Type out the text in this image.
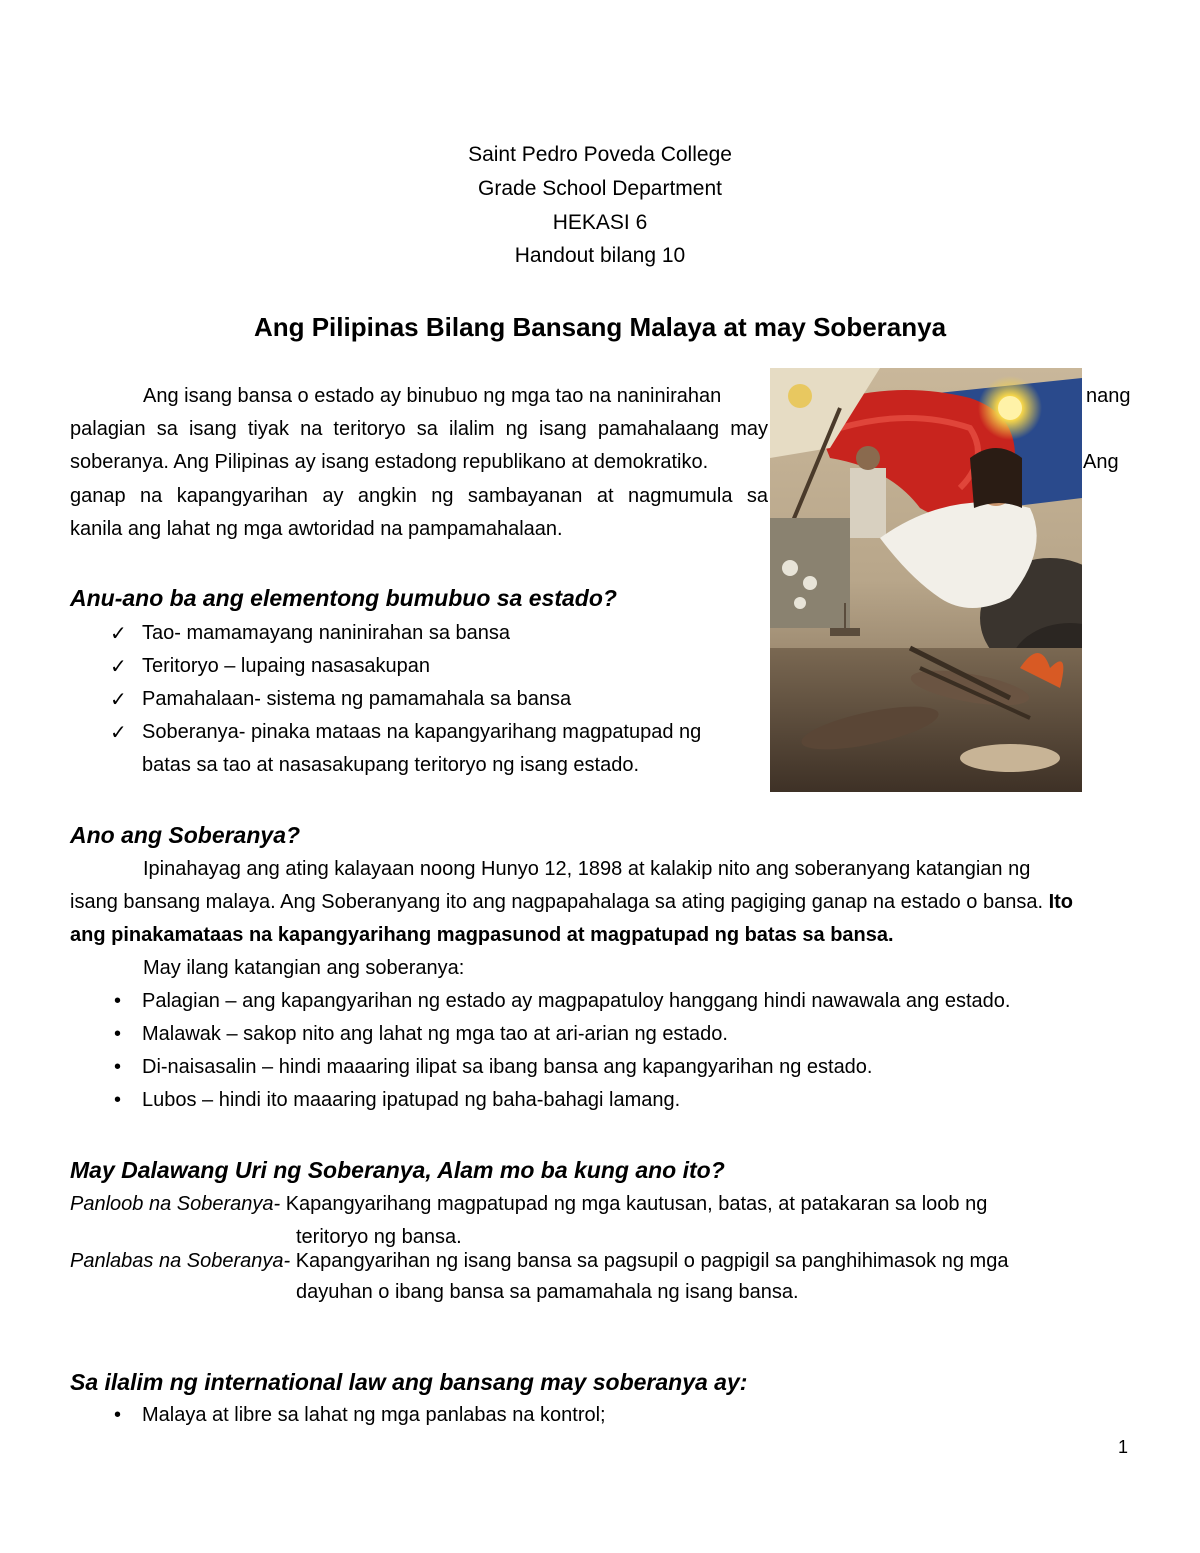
Saint Pedro Poveda College
Grade School Department
HEKASI 6
Handout bilang 10
Ang Pilipinas Bilang Bansang Malaya at may Soberanya
Ang isang bansa o estado ay binubuo ng mga tao na naninirahan	nang
palagian sa isang tiyak na teritoryo sa ilalim ng isang pamahalaang may
soberanya. Ang Pilipinas ay isang estadong republikano at demokratiko.	Ang
ganap na kapangyarihan ay angkin ng sambayanan at nagmumula sa
kanila ang lahat ng mga awtoridad na pampamahalaan.
Anu-ano ba ang elementong bumubuo sa estado?
✓ Tao- mamamayang naninirahan sa bansa
✓ Teritoryo – lupaing nasasakupan
✓ Pamahalaan- sistema ng pamamahala sa bansa
✓ Soberanya- pinaka mataas na kapangyarihang magpatupad ng
batas sa tao at nasasakupang teritoryo ng isang estado.
Ano ang Soberanya?
Ipinahayag ang ating kalayaan noong Hunyo 12, 1898 at kalakip nito ang soberanyang katangian ng
isang bansang malaya. Ang Soberanyang ito ang nagpapahalaga sa ating pagiging ganap na estado o bansa. Ito
ang pinakamataas na kapangyarihang magpasunod at magpatupad ng batas sa bansa.
May ilang katangian ang soberanya:
• Palagian – ang kapangyarihan ng estado ay magpapatuloy hanggang hindi nawawala ang estado.
• Malawak – sakop nito ang lahat ng mga tao at ari-arian ng estado.
• Di-naisasalin – hindi maaaring ilipat sa ibang bansa ang kapangyarihan ng estado.
• Lubos – hindi ito maaaring ipatupad ng baha-bahagi lamang.
May Dalawang Uri ng Soberanya, Alam mo ba kung ano ito?
Panloob na Soberanya- Kapangyarihang magpatupad ng mga kautusan, batas, at patakaran sa loob ng
teritoryo ng bansa.
Panlabas na Soberanya- Kapangyarihan ng isang bansa sa pagsupil o pagpigil sa panghihimasok ng mga
dayuhan o ibang bansa sa pamamahala ng isang bansa.
Sa ilalim ng international law ang bansang may soberanya ay:
• Malaya at libre sa lahat ng mga panlabas na kontrol;
1
